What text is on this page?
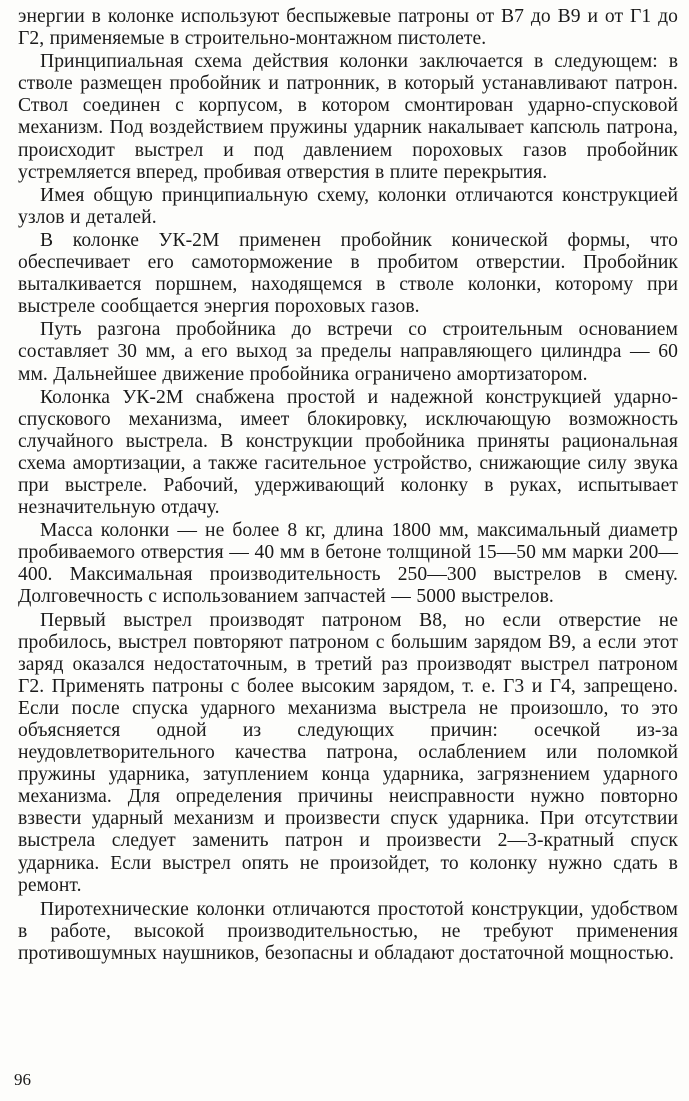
энергии в колонке используют беспыжевые патроны от В7 до В9 и от Г1 до Г2, применяемые в строительно-монтажном пистолете.

Принципиальная схема действия колонки заключается в следующем: в стволе размещен пробойник и патронник, в который устанавливают патрон. Ствол соединен с корпусом, в котором смонтирован ударно-спусковой механизм. Под воздействием пружины ударник накалывает капсюль патрона, происходит выстрел и под давлением пороховых газов пробойник устремляется вперед, пробивая отверстия в плите перекрытия.

Имея общую принципиальную схему, колонки отличаются конструкцией узлов и деталей.

В колонке УК-2М применен пробойник конической формы, что обеспечивает его самоторможение в пробитом отверстии. Пробойник выталкивается поршнем, находящемся в стволе колонки, которому при выстреле сообщается энергия пороховых газов.

Путь разгона пробойника до встречи со строительным основанием составляет 30 мм, а его выход за пределы направляющего цилиндра — 60 мм. Дальнейшее движение пробойника ограничено амортизатором.

Колонка УК-2М снабжена простой и надежной конструкцией ударно-спускового механизма, имеет блокировку, исключающую возможность случайного выстрела. В конструкции пробойника приняты рациональная схема амортизации, а также гасительное устройство, снижающие силу звука при выстреле. Рабочий, удерживающий колонку в руках, испытывает незначительную отдачу.

Масса колонки — не более 8 кг, длина 1800 мм, максимальный диаметр пробиваемого отверстия — 40 мм в бетоне толщиной 15—50 мм марки 200—400. Максимальная производительность 250—300 выстрелов в смену. Долговечность с использованием запчастей — 5000 выстрелов.

Первый выстрел производят патроном В8, но если отверстие не пробилось, выстрел повторяют патроном с большим зарядом В9, а если этот заряд оказался недостаточным, в третий раз производят выстрел патроном Г2. Применять патроны с более высоким зарядом, т. е. Г3 и Г4, запрещено. Если после спуска ударного механизма выстрела не произошло, то это объясняется одной из следующих причин: осечкой из-за неудовлетворительного качества патрона, ослаблением или поломкой пружины ударника, затуплением конца ударника, загрязнением ударного механизма. Для определения причины неисправности нужно повторно взвести ударный механизм и произвести спуск ударника. При отсутствии выстрела следует заменить патрон и произвести 2—3-кратный спуск ударника. Если выстрел опять не произойдет, то колонку нужно сдать в ремонт.

Пиротехнические колонки отличаются простотой конструкции, удобством в работе, высокой производительностью, не требуют применения противошумных наушников, безопасны и обладают достаточной мощностью.

96
